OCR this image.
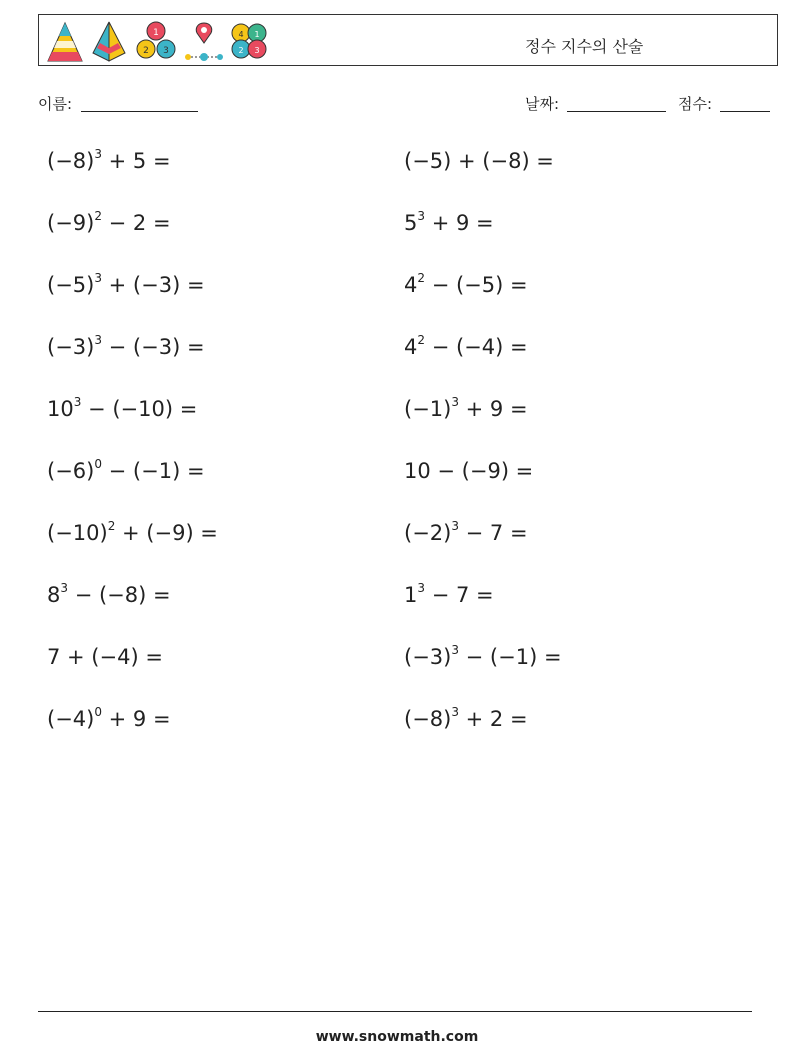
1
2 3
4 1
2 3	정수 지수의 산술
이름:	날짜:	점수:
$(-8)^3 + 5$ =
$(-9)^2 - 2$ =
$(-5)^3 + (-3)$ =
$(-3)^3 - (-3)$ =
$10^3 - (-10)$ =
$(-6)^0 - (-1)$ =
$(-10)^2 + (-9)$ =
$8^3 - (-8)$ =
7 + (−4) =
$(-4)^0 + 9$ =
(−5) + (−8) =
$5^3 + 9$ =
$4^2 - (-5)$ =
$4^2 - (-4)$ =
$(-1)^3 + 9$ =
10 − (−9) =
$(-2)^3 - 7$ =
$1^3 - 7$ =
$(-3)^3 - (-1)$ =
$(-8)^3 + 2$ =
www.snowmath.com
